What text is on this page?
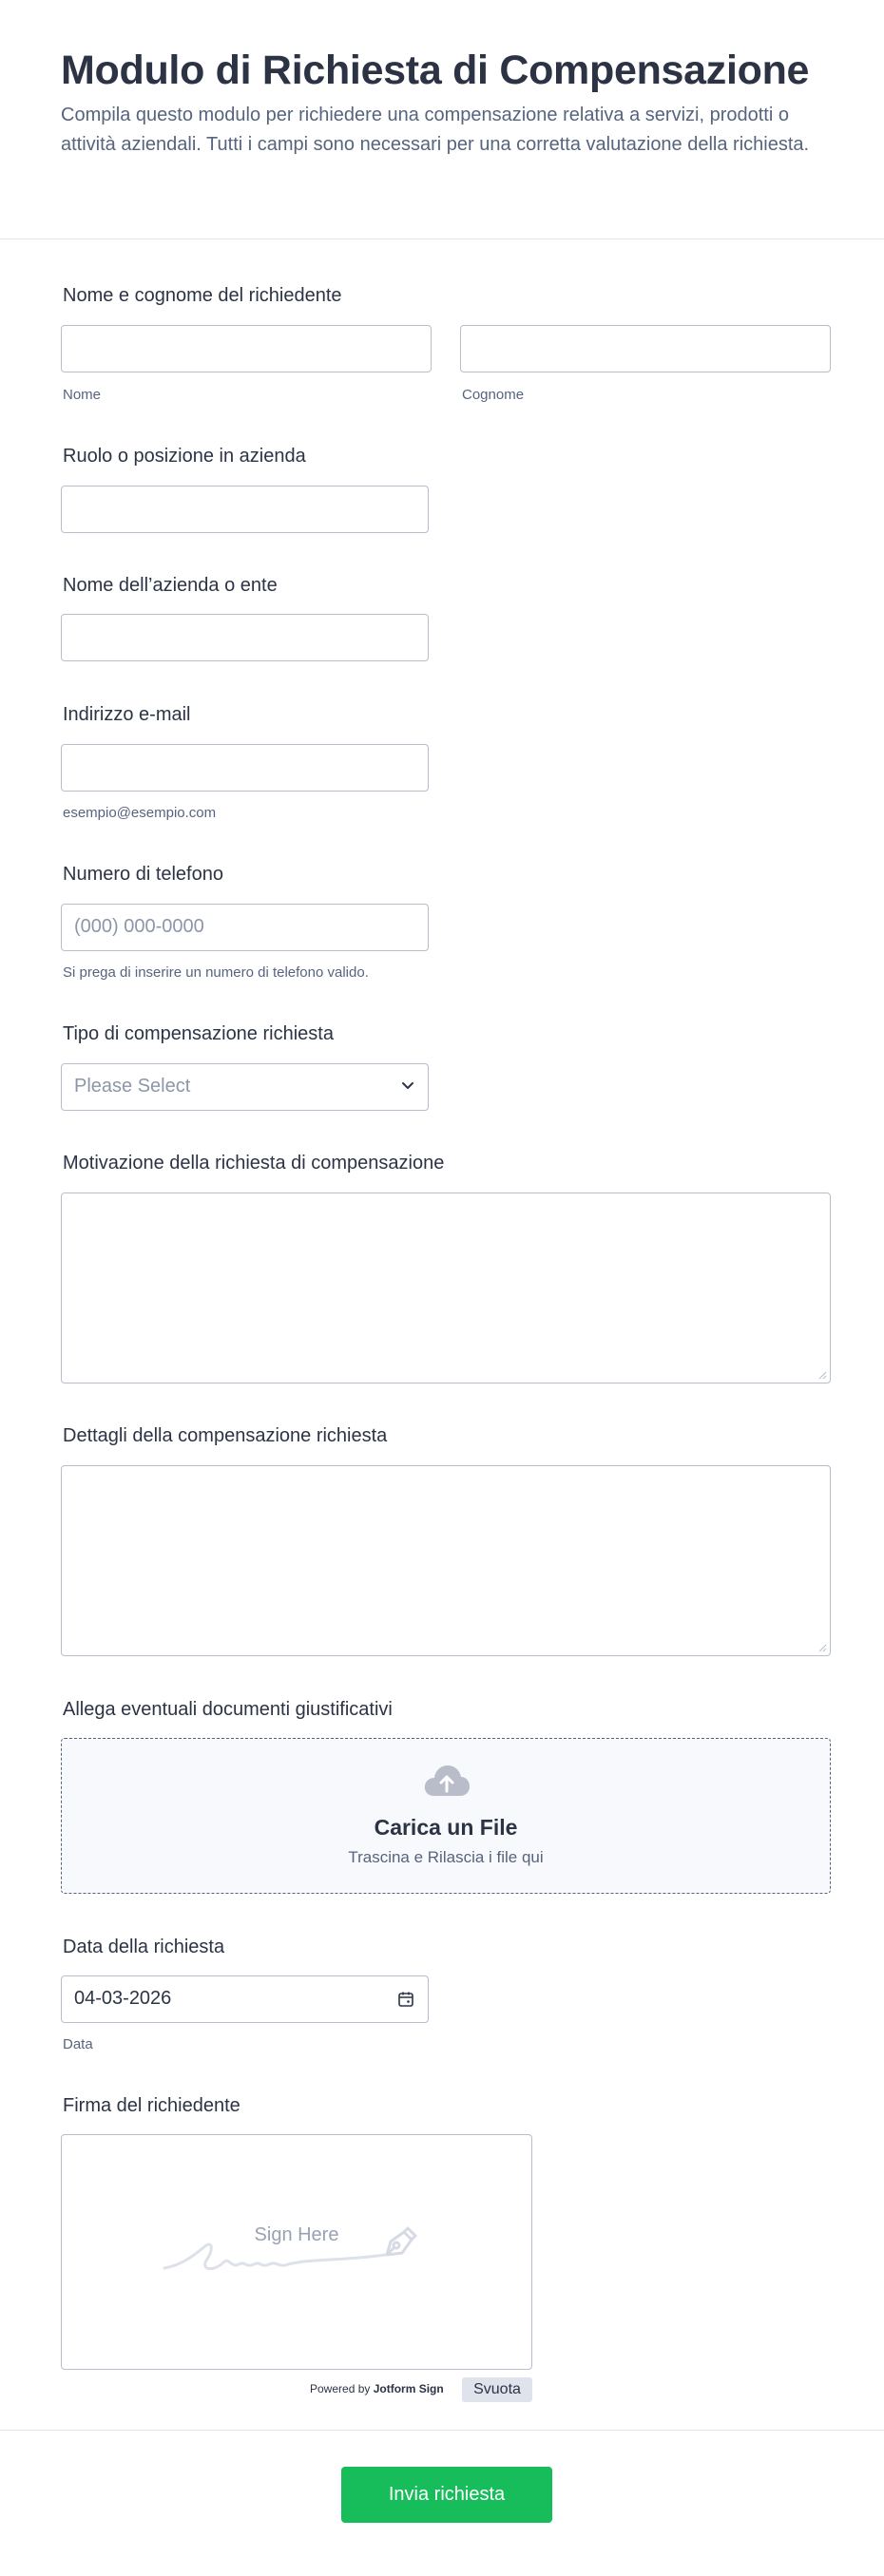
Modulo di Richiesta di Compensazione
Compila questo modulo per richiedere una compensazione relativa a servizi, prodotti o attività aziendali. Tutti i campi sono necessari per una corretta valutazione della richiesta.
Nome e cognome del richiedente
Nome	Cognome
Ruolo o posizione in azienda
Nome dell’azienda o ente
Indirizzo e-mail
esempio@esempio.com
Numero di telefono
(000) 000-0000
Si prega di inserire un numero di telefono valido.
Tipo di compensazione richiesta
Please Select
Motivazione della richiesta di compensazione
Dettagli della compensazione richiesta
Allega eventuali documenti giustificativi
Carica un File
Trascina e Rilascia i file qui
Data della richiesta
04-03-2026
Data
Firma del richiedente
Sign Here
Powered by Jotform Sign	Svuota
Invia richiesta
